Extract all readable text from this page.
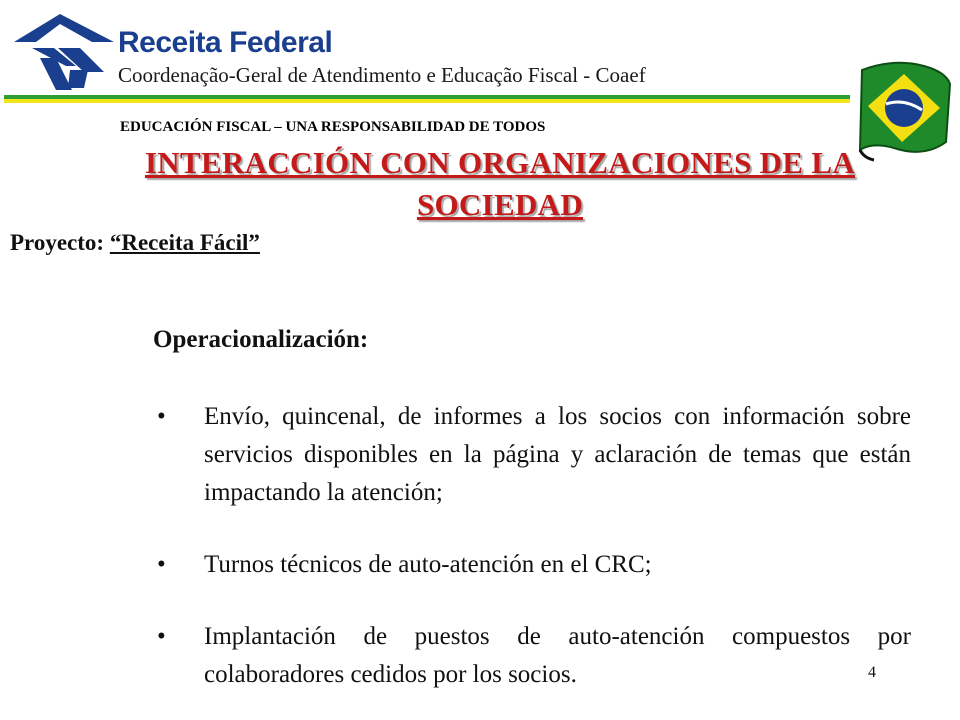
Receita Federal
Coordenação-Geral de Atendimento e Educação Fiscal - Coaef
EDUCACIÓN FISCAL – UNA RESPONSABILIDAD DE TODOS
INTERACCIÓN CON ORGANIZACIONES DE LA SOCIEDAD
Proyecto: “Receita Fácil”
Operacionalización:
• Envío, quincenal, de informes a los socios con información sobre servicios disponibles en la página y aclaración de temas que están impactando la atención;
• Turnos técnicos de auto-atención en el CRC;
• Implantación de puestos de auto-atención compuestos por colaboradores cedidos por los socios.	4
